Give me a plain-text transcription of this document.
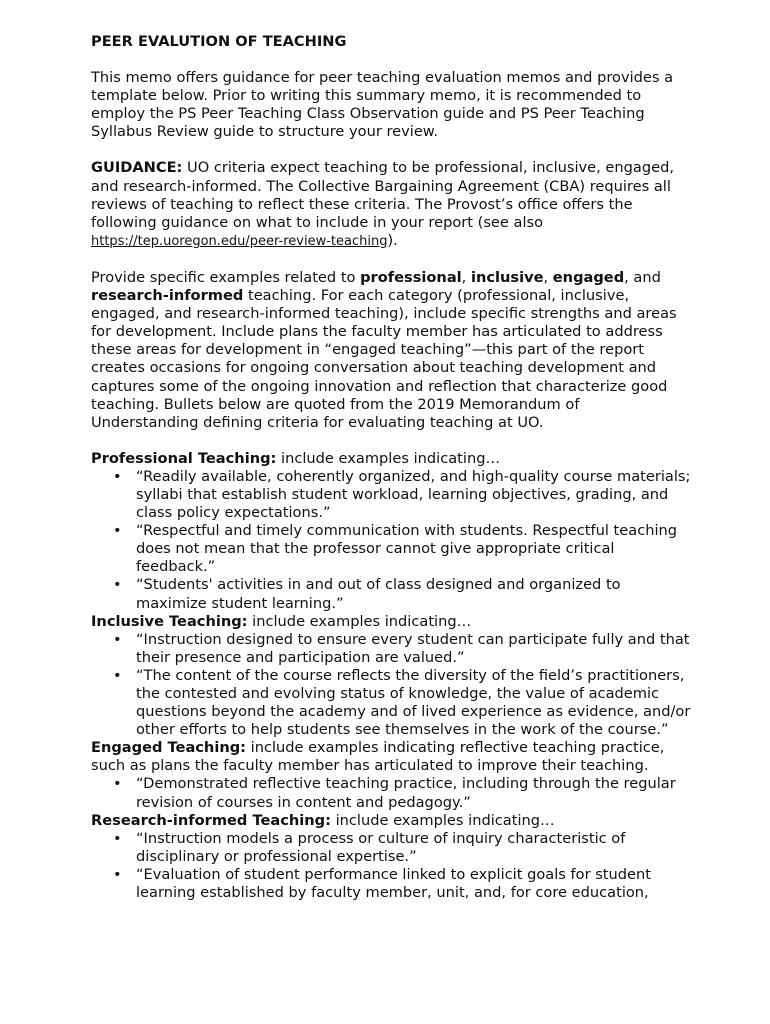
PEER EVALUTION OF TEACHING

This memo offers guidance for peer teaching evaluation memos and provides a template below. Prior to writing this summary memo, it is recommended to employ the PS Peer Teaching Class Observation guide and PS Peer Teaching Syllabus Review guide to structure your review.

GUIDANCE: UO criteria expect teaching to be professional, inclusive, engaged, and research-informed. The Collective Bargaining Agreement (CBA) requires all reviews of teaching to reflect these criteria. The Provost’s office offers the following guidance on what to include in your report (see also https://tep.uoregon.edu/peer-review-teaching).

Provide specific examples related to professional, inclusive, engaged, and research-informed teaching. For each category (professional, inclusive, engaged, and research-informed teaching), include specific strengths and areas for development. Include plans the faculty member has articulated to address these areas for development in “engaged teaching”—this part of the report creates occasions for ongoing conversation about teaching development and captures some of the ongoing innovation and reflection that characterize good teaching. Bullets below are quoted from the 2019 Memorandum of Understanding defining criteria for evaluating teaching at UO.

Professional Teaching: include examples indicating…

• “Readily available, coherently organized, and high-quality course materials; syllabi that establish student workload, learning objectives, grading, and class policy expectations.”
• “Respectful and timely communication with students. Respectful teaching does not mean that the professor cannot give appropriate critical feedback.”
• “Students' activities in and out of class designed and organized to maximize student learning.”

Inclusive Teaching: include examples indicating…

• “Instruction designed to ensure every student can participate fully and that their presence and participation are valued.”
• “The content of the course reflects the diversity of the field’s practitioners, the contested and evolving status of knowledge, the value of academic questions beyond the academy and of lived experience as evidence, and/or other efforts to help students see themselves in the work of the course.”

Engaged Teaching: include examples indicating reflective teaching practice, such as plans the faculty member has articulated to improve their teaching.

• “Demonstrated reflective teaching practice, including through the regular revision of courses in content and pedagogy.”

Research-informed Teaching: include examples indicating…

• “Instruction models a process or culture of inquiry characteristic of disciplinary or professional expertise.”
• “Evaluation of student performance linked to explicit goals for student learning established by faculty member, unit, and, for core education,
